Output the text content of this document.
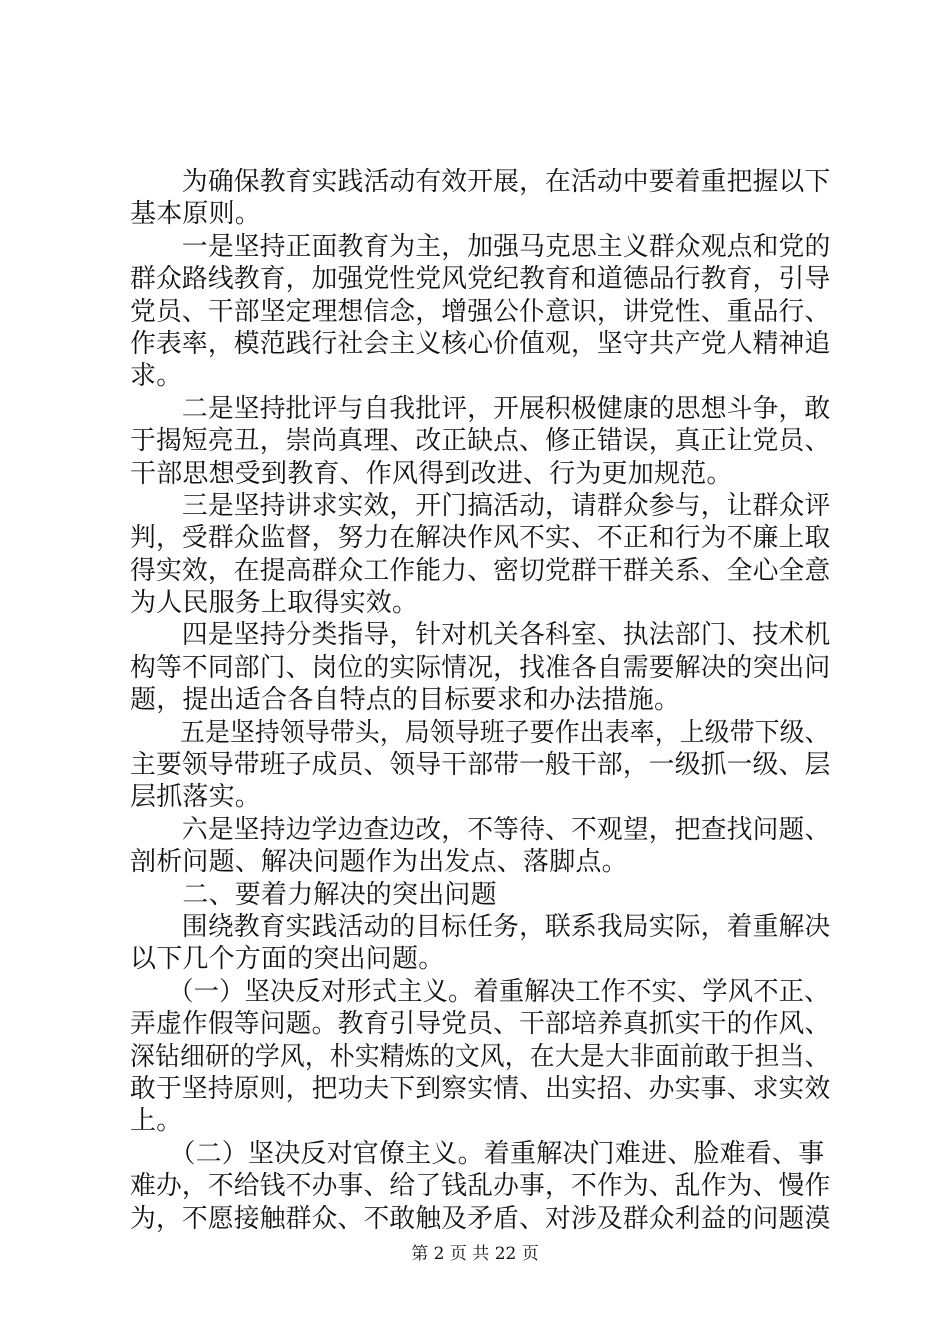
　　为确保教育实践活动有效开展，在活动中要着重把握以下
基本原则。
　　一是坚持正面教育为主，加强马克思主义群众观点和党的
群众路线教育，加强党性党风党纪教育和道德品行教育，引导
党员、干部坚定理想信念，增强公仆意识，讲党性、重品行、
作表率，模范践行社会主义核心价值观，坚守共产党人精神追
求。
　　二是坚持批评与自我批评，开展积极健康的思想斗争，敢
于揭短亮丑，崇尚真理、改正缺点、修正错误，真正让党员、
干部思想受到教育、作风得到改进、行为更加规范。
　　三是坚持讲求实效，开门搞活动，请群众参与，让群众评
判，受群众监督，努力在解决作风不实、不正和行为不廉上取
得实效，在提高群众工作能力、密切党群干群关系、全心全意
为人民服务上取得实效。
　　四是坚持分类指导，针对机关各科室、执法部门、技术机
构等不同部门、岗位的实际情况，找准各自需要解决的突出问
题，提出适合各自特点的目标要求和办法措施。
　　五是坚持领导带头，局领导班子要作出表率，上级带下级、
主要领导带班子成员、领导干部带一般干部，一级抓一级、层
层抓落实。
　　六是坚持边学边查边改，不等待、不观望，把查找问题、
剖析问题、解决问题作为出发点、落脚点。
　　二、要着力解决的突出问题
　　围绕教育实践活动的目标任务，联系我局实际，着重解决
以下几个方面的突出问题。
　　（一）坚决反对形式主义。着重解决工作不实、学风不正、
弄虚作假等问题。教育引导党员、干部培养真抓实干的作风、
深钻细研的学风，朴实精炼的文风，在大是大非面前敢于担当、
敢于坚持原则，把功夫下到察实情、出实招、办实事、求实效
上。
　　（二）坚决反对官僚主义。着重解决门难进、脸难看、事
难办，不给钱不办事、给了钱乱办事，不作为、乱作为、慢作
为，不愿接触群众、不敢触及矛盾、对涉及群众利益的问题漠
第 2 页 共 22 页
